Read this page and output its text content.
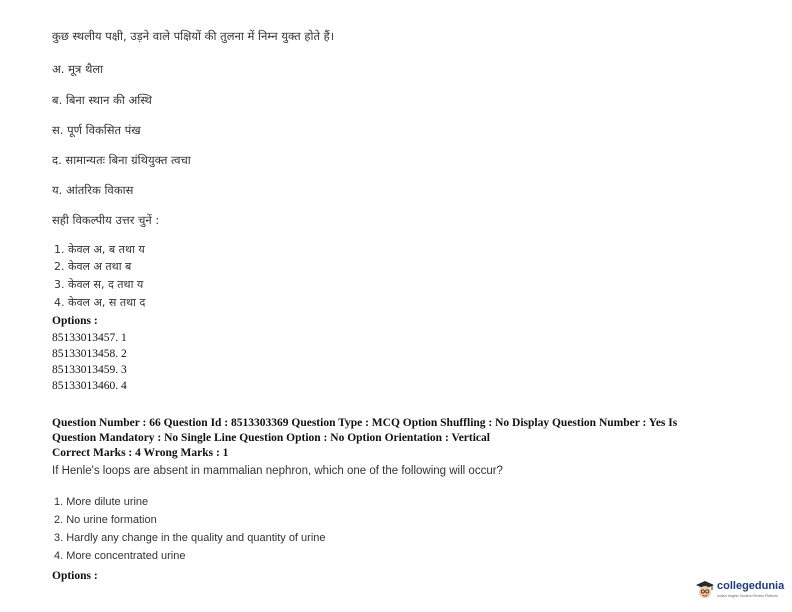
कुछ स्थलीय पक्षी, उड़ने वाले पक्षियों की तुलना में निम्न युक्त होते हैं।
अ. मूत्र थैला
ब. बिना स्थान की अस्थि
स. पूर्ण विकसित पंख
द. सामान्यतः बिना ग्रंथियुक्त त्वचा
य. आंतरिक विकास
सही विकल्पीय उत्तर चुनें :
1. केवल अ, ब तथा य
2. केवल अ तथा ब
3. केवल स, द तथा य
4. केवल अ, स तथा द
Options :
85133013457. 1
85133013458. 2
85133013459. 3
85133013460. 4
Question Number : 66 Question Id : 8513303369 Question Type : MCQ Option Shuffling : No Display Question Number : Yes Is
Question Mandatory : No Single Line Question Option : No Option Orientation : Vertical
Correct Marks : 4 Wrong Marks : 1
If Henle's loops are absent in mammalian nephron, which one of the following will occur?
1. More dilute urine
2. No urine formation
3. Hardly any change in the quality and quantity of urine
4. More concentrated urine
Options :
collegedunia
India's largest Student Review Platform
